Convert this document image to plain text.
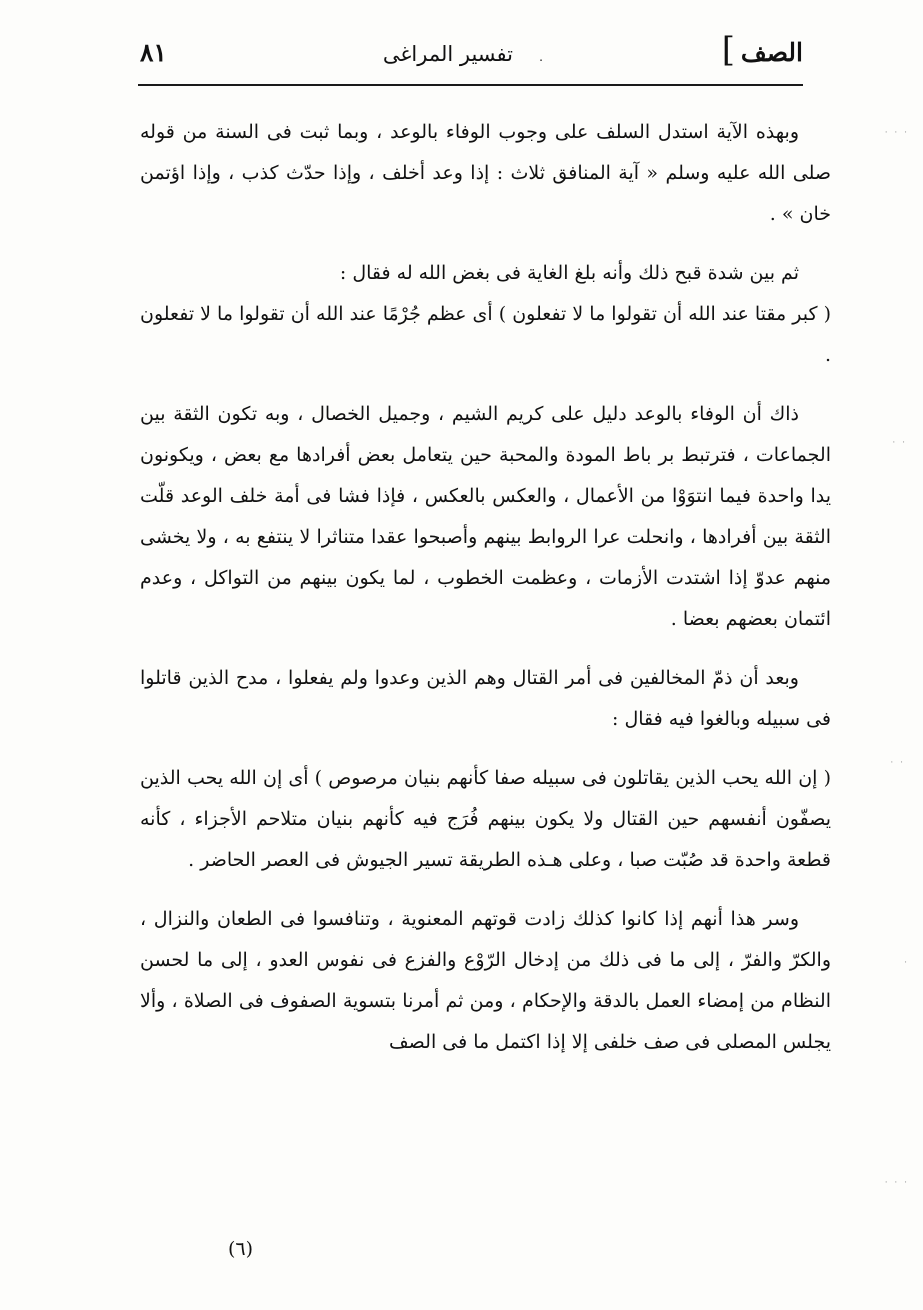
الصف
]
تفسير المراغى .
٨١

وبهذه الآية استدل السلف على وجوب الوفاء بالوعد ، وبما ثبت فى السنة من قوله صلى الله عليه وسلم « آية المنافق ثلاث : إذا وعد أخلف ، وإذا حدّث كذب ، وإذا اؤتمن خان » .

ثم بين شدة قبح ذلك وأنه بلغ الغاية فى بغض الله له فقال :

( كبر مقتا عند الله أن تقولوا ما لا تفعلون ) أى عظم جُرْمًا عند الله أن تقولوا ما لا تفعلون .

ذاك أن الوفاء بالوعد دليل على كريم الشيم ، وجميل الخصال ، وبه تكون الثقة بين الجماعات ، فترتبط بر باط المودة والمحبة حين يتعامل بعض أفرادها مع بعض ، ويكونون يدا واحدة فيما انتوَوْا من الأعمال ، والعكس بالعكس ، فإذا فشا فى أمة خلف الوعد قلّت الثقة بين أفرادها ، وانحلت عرا الروابط بينهم وأصبحوا عقدا متناثرا لا ينتفع به ، ولا يخشى منهم عدوّ إذا اشتدت الأزمات ، وعظمت الخطوب ، لما يكون بينهم من التواكل ، وعدم ائتمان بعضهم بعضا .

وبعد أن ذمّ المخالفين فى أمر القتال وهم الذين وعدوا ولم يفعلوا ، مدح الذين قاتلوا فى سبيله وبالغوا فيه فقال :

( إن الله يحب الذين يقاتلون فى سبيله صفا كأنهم بنيان مرصوص ) أى إن الله يحب الذين يصفّون أنفسهم حين القتال ولا يكون بينهم فُرَج فيه كأنهم بنيان متلاحم الأجزاء ، كأنه قطعة واحدة قد صُبّت صبا ، وعلى هـذه الطريقة تسير الجيوش فى العصر الحاضر .

وسر هذا أنهم إذا كانوا كذلك زادت قوتهم المعنوية ، وتنافسوا فى الطعان والنزال ، والكرّ والفرّ ، إلى ما فى ذلك من إدخال الرّوْع والفزع فى نفوس العدو ، إلى ما لحسن النظام من إمضاء العمل بالدقة والإحكام ، ومن ثم أمرنا بتسوية الصفوف فى الصلاة ، وألا يجلس المصلى فى صف خلفى إلا إذا اكتمل ما فى الصف

(٦)
· · ·
· ·
· ·
·
· · ·
